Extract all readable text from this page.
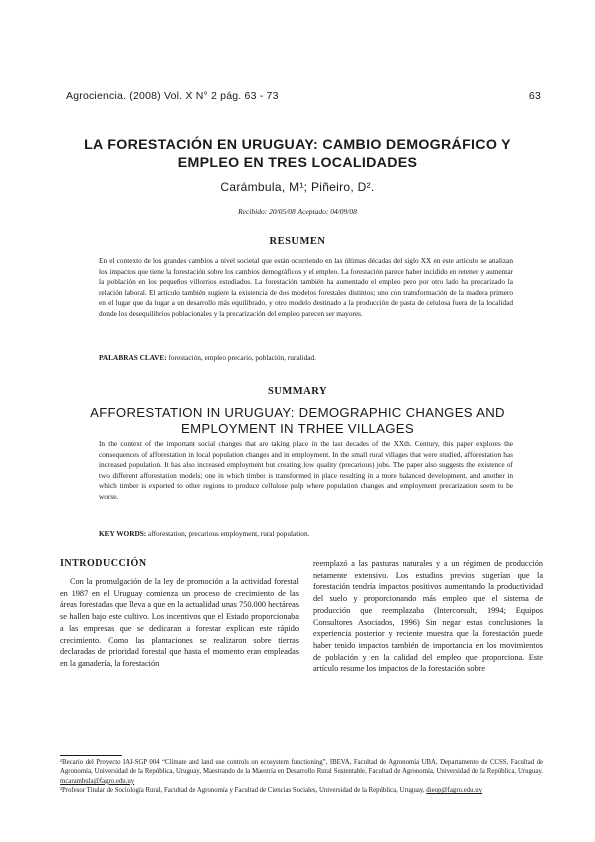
Agrociencia. (2008) Vol. X N° 2 pág. 63 - 73	63
LA FORESTACIÓN EN URUGUAY: CAMBIO DEMOGRÁFICO Y EMPLEO EN TRES LOCALIDADES
Carámbula, M¹; Piñeiro, D².
Recibido: 20/05/08 Aceptado: 04/09/08
RESUMEN
En el contexto de los grandes cambios a nivel societal que están ocurriendo en las últimas décadas del siglo XX en este artículo se analizan los impactos que tiene la forestación sobre los cambios demográficos y el empleo. La forestación parece haber incidido en retener y aumentar la población en los pequeños villorrios estudiados. La forestación también ha aumentado el empleo pero por otro lado ha precarizado la relación laboral. El artículo también sugiere la existencia de dos modelos forestales distintos; uno con transformación de la madera primero en el lugar que da lugar a un desarrollo más equilibrado, y otro modelo destinado a la producción de pasta de celulosa fuera de la localidad donde los desequilibrios poblacionales y la precarización del empleo parecen ser mayores.
PALABRAS CLAVE: forestación, empleo precario, población, ruralidad.
SUMMARY
AFFORESTATION IN URUGUAY: DEMOGRAPHIC CHANGES AND EMPLOYMENT IN TRHEE VILLAGES
In the context of the important social changes that are taking place in the last decades of the XXth. Century, this paper explores the consequences of afforestation in local population changes and in employment. In the small rural villages that were studied, afforestation has increased population. It has also increased employment but creating low quality (precarious) jobs. The paper also suggests the existence of two different afforestation models; one in which timber is transformed in place resulting in a more balanced development, and another in which timber is exported to other regions to produce cellulose pulp where population changes and employment precarization seem to be worse.
KEY WORDS: afforestation, precarious employment, rural population.
INTRODUCCIÓN
Con la promulgación de la ley de promoción a la actividad forestal en 1987 en el Uruguay comienza un proceso de crecimiento de las áreas forestadas que lleva a que en la actualidad unas 750.000 hectáreas se hallen bajo este cultivo. Los incentivos que el Estado proporcionaba a las empresas que se dedicaran a forestar explican este rápido crecimiento. Como las plantaciones se realizaron sobre tierras declaradas de prioridad forestal que hasta el momento eran empleadas en la ganadería, la forestación
reemplazó a las pasturas naturales y a un régimen de producción netamente extensivo. Los estudios previos sugerían que la forestación tendría impactos positivos aumentando la productividad del suelo y proporcionando más empleo que el sistema de producción que reemplazaba (Intercorsult, 1994; Equipos Consultores Asociados, 1996) Sin negar estas conclusiones la experiencia posterior y reciente muestra que la forestación puede haber tenido impactos también de importancia en los movimientos de población y en la calidad del empleo que proporciona. Este artículo resume los impactos de la forestación sobre

¹Becario del Proyecto IAI-SGP 004 “Climate and land use controls on ecosystem functioning”, IBEVA, Facultad de Agronomía UBA, Departamento de CCSS, Facultad de Agronomía, Universidad de la República, Uruguay, Maestrando de la Maestría en Desarrollo Rural Sustentable, Facultad de Agronomía, Universidad de la República, Uruguay. mcarambula@fagro.edu.uy

²Profesor Titular de Sociología Rural, Facultad de Agronomía y Facultad de Ciencias Sociales, Universidad de la República, Uruguay, dieop@fagro.edu.uy
